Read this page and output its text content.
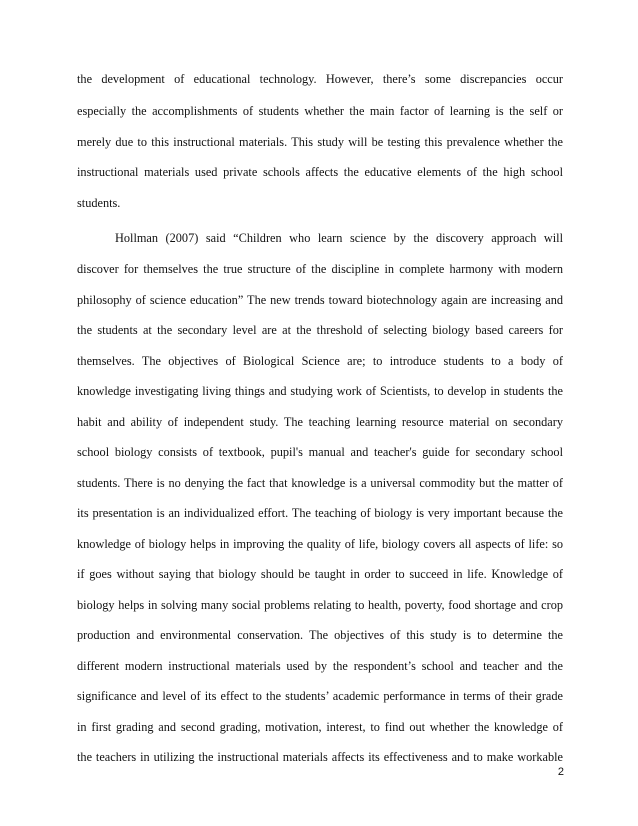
the development of educational technology. However, there’s some discrepancies occur
especially the accomplishments of students whether the main factor of learning is the self or
merely due to this instructional materials. This study will be testing this prevalence whether the
instructional materials used private schools affects the educative elements of the high school
students.
Hollman (2007) said “Children who learn science by the discovery approach will
discover for themselves the true structure of the discipline in complete harmony with modern
philosophy of science education” The new trends toward biotechnology again are increasing and
the students at the secondary level are at the threshold of selecting biology based careers for
themselves. The objectives of Biological Science are; to introduce students to a body of
knowledge investigating living things and studying work of Scientists, to develop in students the
habit and ability of independent study. The teaching learning resource material on secondary
school biology consists of textbook, pupil's manual and teacher's guide for secondary school
students. There is no denying the fact that knowledge is a universal commodity but the matter of
its presentation is an individualized effort. The teaching of biology is very important because the
knowledge of biology helps in improving the quality of life, biology covers all aspects of life: so
if goes without saying that biology should be taught in order to succeed in life. Knowledge of
biology helps in solving many social problems relating to health, poverty, food shortage and crop
production and environmental conservation. The objectives of this study is to determine the
different modern instructional materials used by the respondent’s school and teacher and the
significance and level of its effect to the students’ academic performance in terms of their grade
in first grading and second grading, motivation, interest, to find out whether the knowledge of
the teachers in utilizing the instructional materials affects its effectiveness and to make workable
2
